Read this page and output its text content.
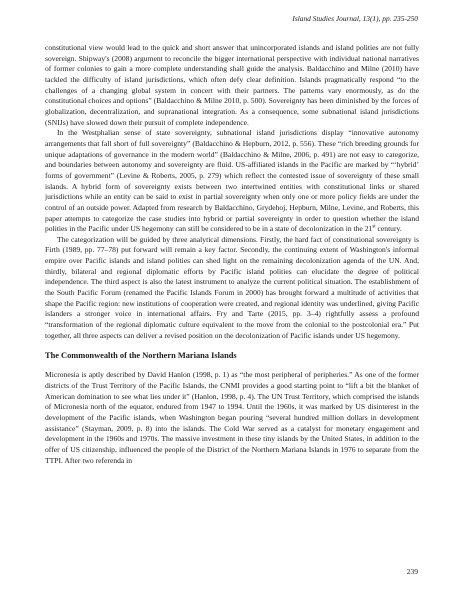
Island Studies Journal, 13(1), pp. 235-250

constitutional view would lead to the quick and short answer that unincorporated islands and island polities are not fully sovereign. Shipway's (2008) argument to reconcile the bigger international perspective with individual national narratives of former colonies to gain a more complete understanding shall guide the analysis. Baldacchino and Milne (2010) have tackled the difficulty of island jurisdictions, which often defy clear definition. Islands pragmatically respond “to the challenges of a changing global system in concert with their partners. The patterns vary enormously, as do the constitutional choices and options” (Baldacchino & Milne 2010, p. 500). Sovereignty has been diminished by the forces of globalization, decentralization, and supranational integration. As a consequence, some subnational island jurisdictions (SNIJs) have slowed down their pursuit of complete independence.

In the Westphalian sense of state sovereignty, subnational island jurisdictions display “innovative autonomy arrangements that fall short of full sovereignty” (Baldacchino & Hepburn, 2012, p. 556). These “rich breeding grounds for unique adaptations of governance in the modern world” (Baldacchino & Milne, 2006, p. 491) are not easy to categorize, and boundaries between autonomy and sovereignty are fluid. US-affiliated islands in the Pacific are marked by “‘hybrid’ forms of government” (Levine & Roberts, 2005, p. 279) which reflect the contested issue of sovereignty of these small islands. A hybrid form of sovereignty exists between two intertwined entities with constitutional links or shared jurisdictions while an entity can be said to exist in partial sovereignty when only one or more policy fields are under the control of an outside power. Adapted from research by Baldacchino, Grydehoj, Hepburn, Milne, Levine, and Roberts, this paper attempts to categorize the case studies into hybrid or partial sovereignty in order to question whether the island polities in the Pacific under US hegemony can still be considered to be in a state of decolonization in the 21st century.

The categorization will be guided by three analytical dimensions. Firstly, the hard fact of constitutional sovereignty is Firth (1989, pp. 77–78) put forward will remain a key factor. Secondly, the continuing extent of Washington's informal empire over Pacific islands and island polities can shed light on the remaining decolonization agenda of the UN. And, thirdly, bilateral and regional diplomatic efforts by Pacific island polities can elucidate the degree of political independence. The third aspect is also the latest instrument to analyze the current political situation. The establishment of the South Pacific Forum (renamed the Pacific Islands Forum in 2000) has brought forward a multitude of activities that shape the Pacific region: new institutions of cooperation were created, and regional identity was underlined, giving Pacific islanders a stronger voice in international affairs. Fry and Tarte (2015, pp. 3–4) rightfully assess a profound “transformation of the regional diplomatic culture equivalent to the move from the colonial to the postcolonial era.” Put together, all three aspects can deliver a revised position on the decolonization of Pacific islands under US hegemony.

The Commonwealth of the Northern Mariana Islands

Micronesia is aptly described by David Hanlon (1998, p. 1) as “the most peripheral of peripheries.” As one of the former districts of the Trust Territory of the Pacific Islands, the CNMI provides a good starting point to “lift a bit the blanket of American domination to see what lies under it” (Hanlon, 1998, p. 4). The UN Trust Territory, which comprised the islands of Micronesia north of the equator, endured from 1947 to 1994. Until the 1960s, it was marked by US disinterest in the development of the Pacific islands, when Washington began pouring “several hundred million dollars in development assistance” (Stayman, 2009, p. 8) into the islands. The Cold War served as a catalyst for monetary engagement and development in the 1960s and 1970s. The massive investment in these tiny islands by the United States, in addition to the offer of US citizenship, influenced the people of the District of the Northern Mariana Islands in 1976 to separate from the TTPI. After two referenda in

239
